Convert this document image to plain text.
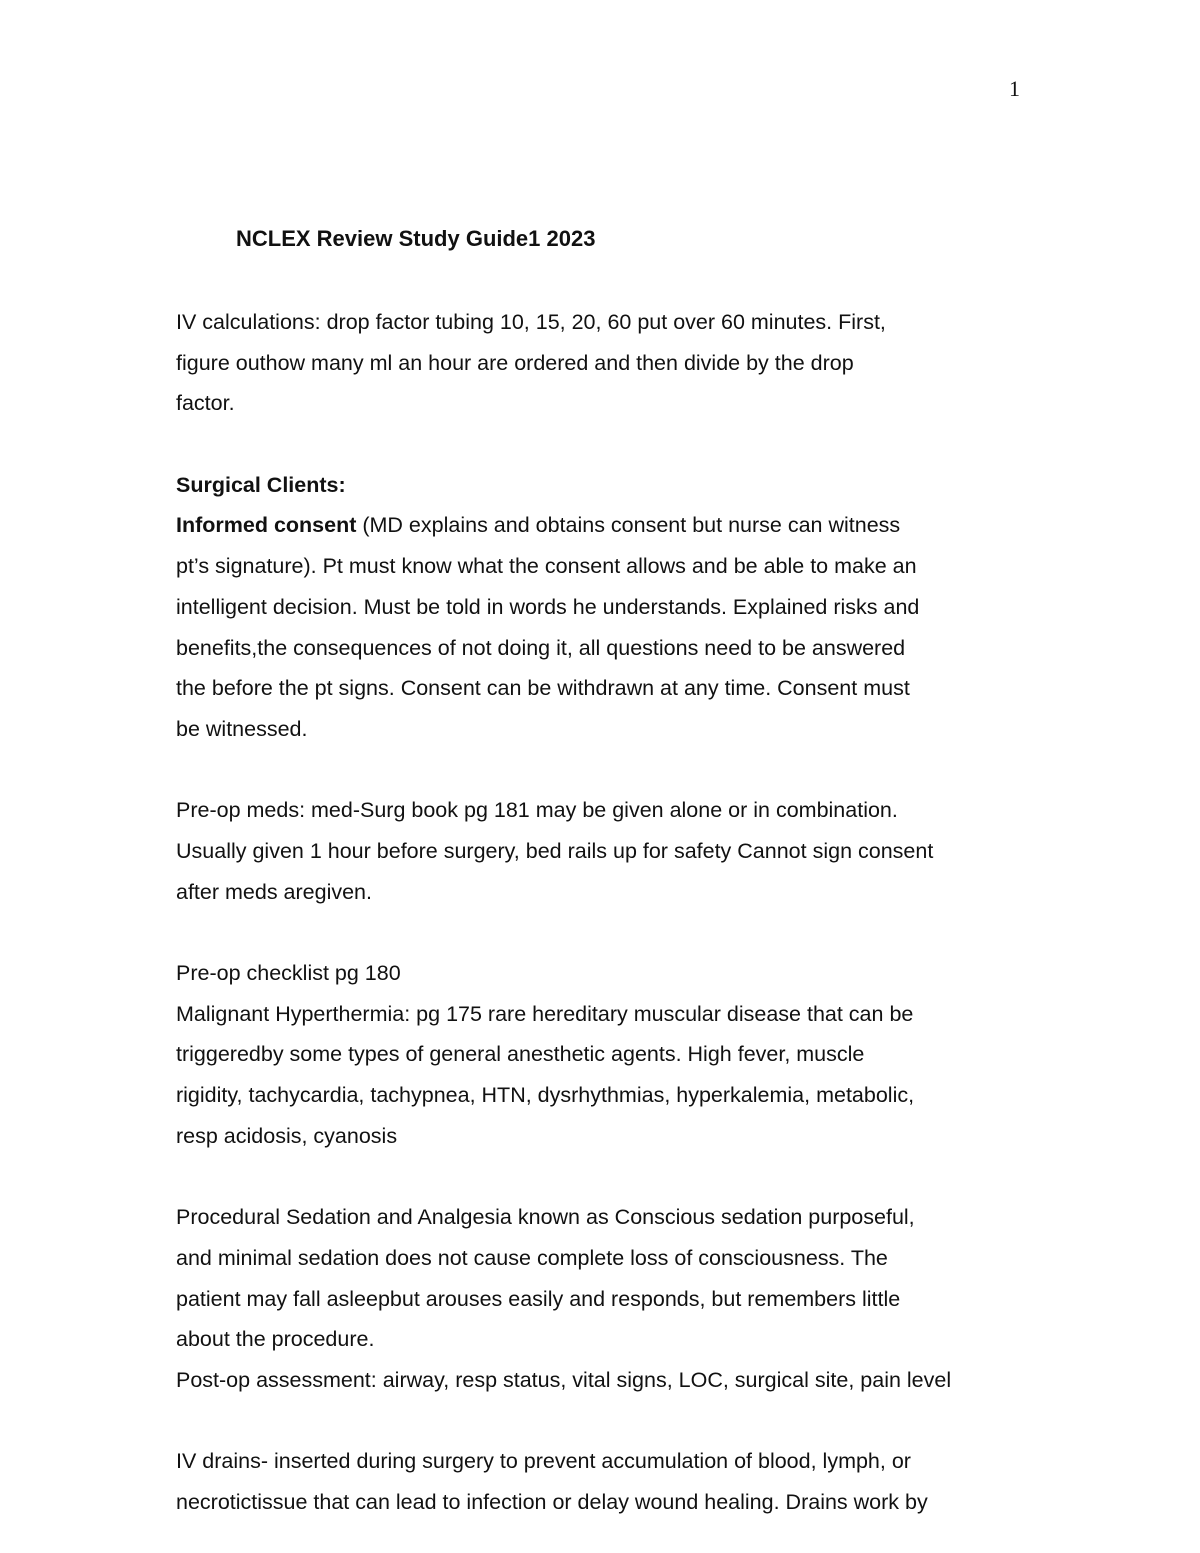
1
NCLEX Review Study Guide1 2023
IV calculations: drop factor tubing 10, 15, 20, 60 put over 60 minutes. First,
figure outhow many ml an hour are ordered and then divide by the drop
factor.
Surgical Clients:
Informed consent (MD explains and obtains consent but nurse can witness
pt’s signature). Pt must know what the consent allows and be able to make an
intelligent decision. Must be told in words he understands. Explained risks and
benefits,the consequences of not doing it, all questions need to be answered
the before the pt signs. Consent can be withdrawn at any time. Consent must
be witnessed.
Pre-op meds: med-Surg book pg 181 may be given alone or in combination.
Usually given 1 hour before surgery, bed rails up for safety Cannot sign consent
after meds aregiven.
Pre-op checklist pg 180
Malignant Hyperthermia: pg 175 rare hereditary muscular disease that can be
triggeredby some types of general anesthetic agents. High fever, muscle
rigidity, tachycardia, tachypnea, HTN, dysrhythmias, hyperkalemia, metabolic,
resp acidosis, cyanosis
Procedural Sedation and Analgesia known as Conscious sedation purposeful,
and minimal sedation does not cause complete loss of consciousness. The
patient may fall asleepbut arouses easily and responds, but remembers little
about the procedure.
Post-op assessment: airway, resp status, vital signs, LOC, surgical site, pain level
IV drains- inserted during surgery to prevent accumulation of blood, lymph, or
necrotictissue that can lead to infection or delay wound healing. Drains work by
